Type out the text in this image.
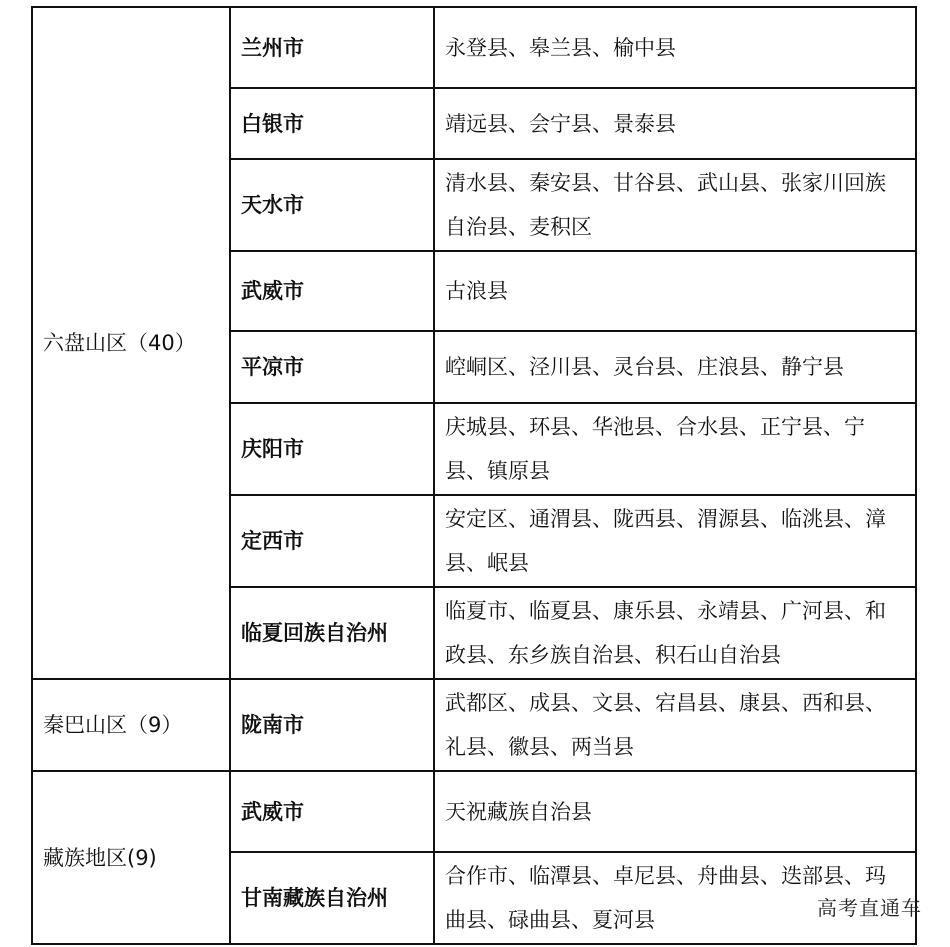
六盘山区（40）	兰州市	永登县、皋兰县、榆中县
	白银市	靖远县、会宁县、景泰县
	天水市	清水县、秦安县、甘谷县、武山县、张家川回族自治县、麦积区
	武威市	古浪县
	平凉市	崆峒区、泾川县、灵台县、庄浪县、静宁县
	庆阳市	庆城县、环县、华池县、合水县、正宁县、宁县、镇原县
	定西市	安定区、通渭县、陇西县、渭源县、临洮县、漳县、岷县
	临夏回族自治州	临夏市、临夏县、康乐县、永靖县、广河县、和政县、东乡族自治县、积石山自治县
秦巴山区（9）	陇南市	武都区、成县、文县、宕昌县、康县、西和县、礼县、徽县、两当县
藏族地区(9)	武威市	天祝藏族自治县
	甘南藏族自治州	合作市、临潭县、卓尼县、舟曲县、迭部县、玛曲县、碌曲县、夏河县	高考直通车
